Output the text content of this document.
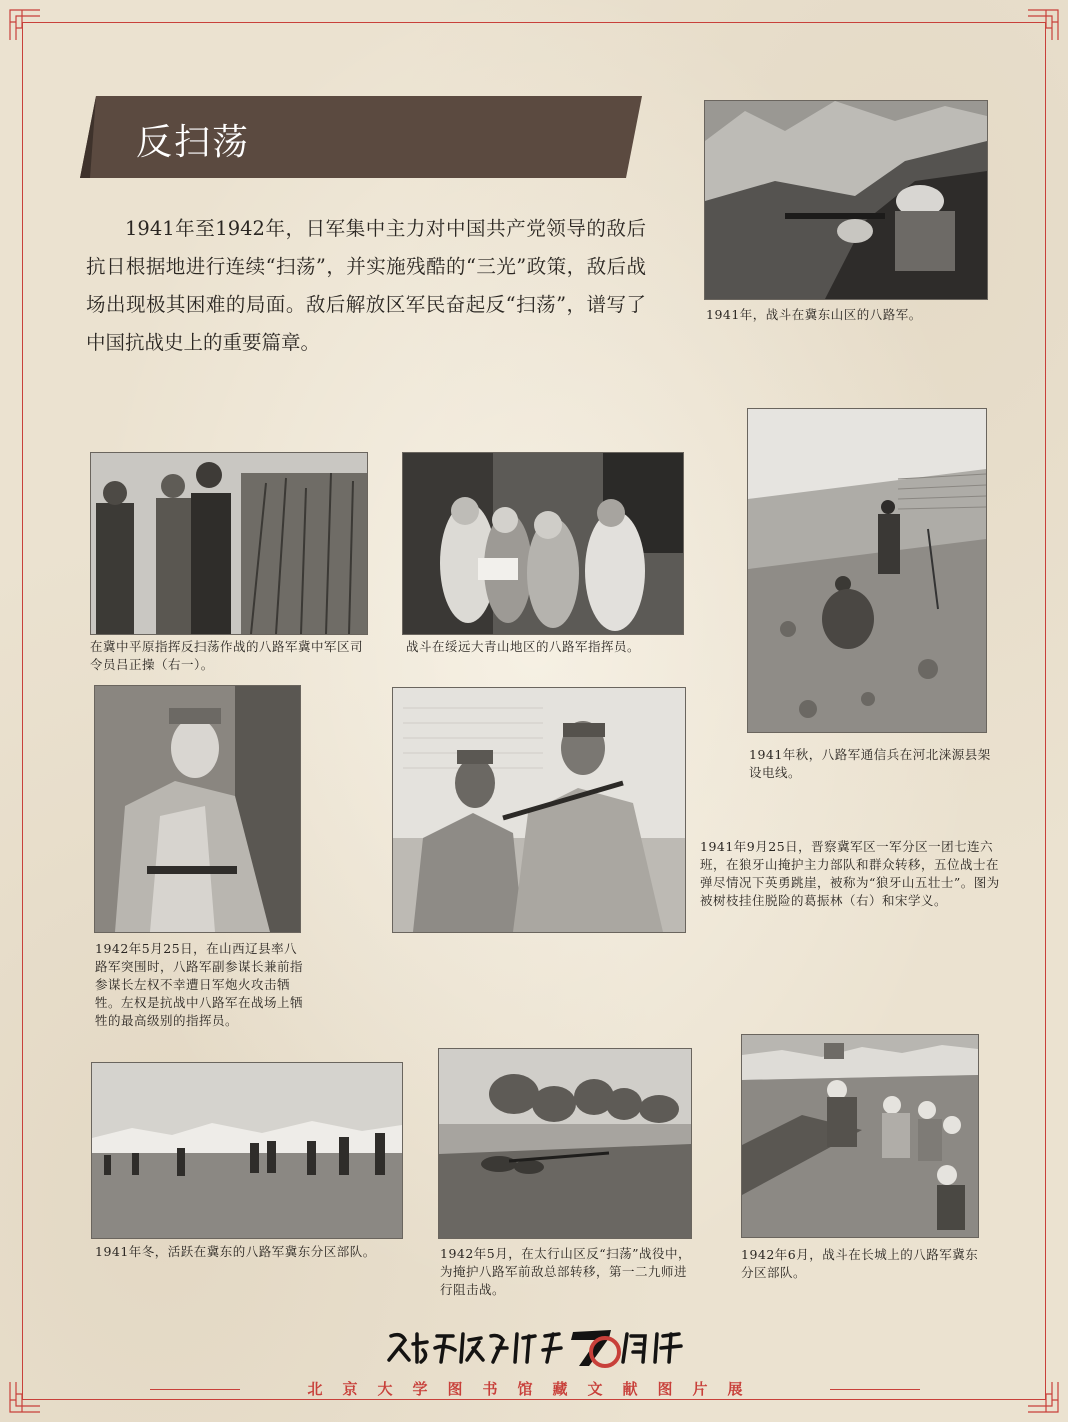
反扫荡
1941年至1942年，日军集中主力对中国共产党领导的敌后抗日根据地进行连续“扫荡”，并实施残酷的“三光”政策，敌后战场出现极其困难的局面。敌后解放区军民奋起反“扫荡”，谱写了中国抗战史上的重要篇章。
1941年，战斗在冀东山区的八路军。
在冀中平原指挥反扫荡作战的八路军冀中军区司令员吕正操（右一）。
战斗在绥远大青山地区的八路军指挥员。
1941年秋，八路军通信兵在河北涞源县架设电线。
1942年5月25日，在山西辽县率八路军突围时，八路军副参谋长兼前指参谋长左权不幸遭日军炮火攻击牺牲。左权是抗战中八路军在战场上牺牲的最高级别的指挥员。
1941年9月25日，晋察冀军区一军分区一团七连六班，在狼牙山掩护主力部队和群众转移，五位战士在弹尽情况下英勇跳崖，被称为“狼牙山五壮士”。图为被树枝挂住脱险的葛振林（右）和宋学义。
1941年冬，活跃在冀东的八路军冀东分区部队。	1942年5月，在太行山区反“扫荡”战役中，为掩护八路军前敌总部转移，第一二九师进行阻击战。
1942年6月，战斗在长城上的八路军冀东分区部队。
北京大学图书馆藏文献图片展
